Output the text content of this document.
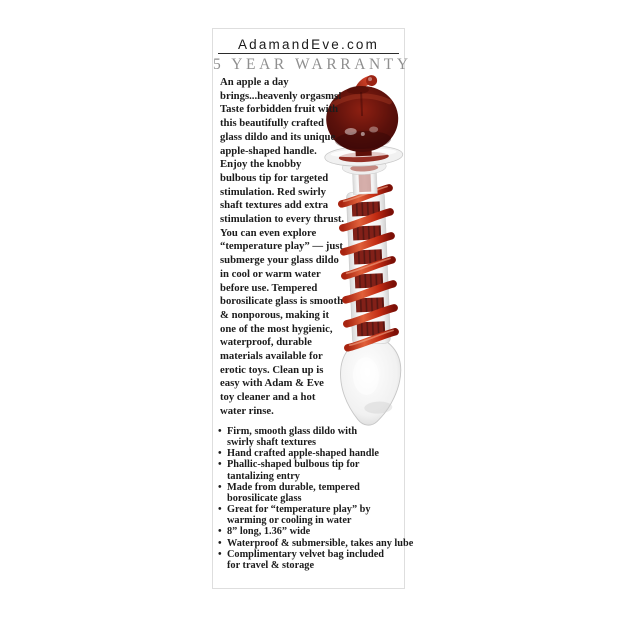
AdamandEve.com
5 YEAR WARRANTY
An apple a day
brings...heavenly orgasms!
Taste forbidden fruit with
this beautifully crafted
glass dildo and its unique
apple-shaped handle.
Enjoy the knobby
bulbous tip for targeted
stimulation. Red swirly
shaft textures add extra
stimulation to every thrust.
You can even explore
“temperature play” — just
submerge your glass dildo
in cool or warm water
before use. Tempered
borosilicate glass is smooth
& nonporous, making it
one of the most hygienic,
waterproof, durable
materials available for
erotic toys. Clean up is
easy with Adam & Eve
toy cleaner and a hot
water rinse.
• Firm, smooth glass dildo with
swirly shaft textures
• Hand crafted apple-shaped handle
• Phallic-shaped bulbous tip for
tantalizing entry
• Made from durable, tempered
borosilicate glass
• Great for “temperature play” by
warming or cooling in water
• 8” long, 1.36” wide
• Waterproof & submersible, takes any lube
• Complimentary velvet bag included
for travel & storage
